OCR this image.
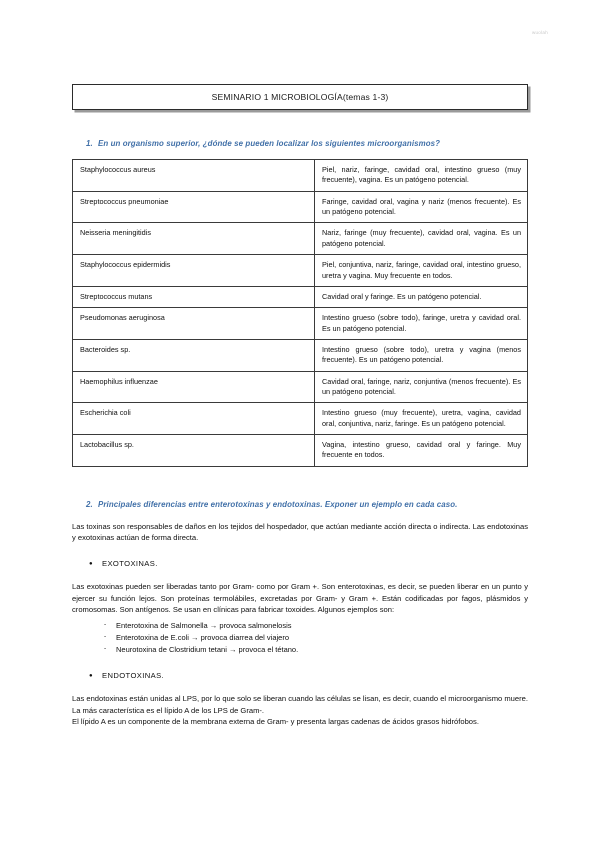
wuolah
SEMINARIO 1 MICROBIOLOGÍA(temas 1-3)
1. En un organismo superior, ¿dónde se pueden localizar los siguientes microorganismos?
Staphylococcus aureus	Piel, nariz, faringe, cavidad oral, intestino grueso (muy frecuente), vagina. Es un patógeno potencial.
Streptococcus pneumoniae	Faringe, cavidad oral, vagina y nariz (menos frecuente). Es un patógeno potencial.
Neisseria meningitidis	Nariz, faringe (muy frecuente), cavidad oral, vagina. Es un patógeno potencial.
Staphylococcus epidermidis	Piel, conjuntiva, nariz, faringe, cavidad oral, intestino grueso, uretra y vagina. Muy frecuente en todos.
Streptococcus mutans	Cavidad oral y faringe. Es un patógeno potencial.
Pseudomonas aeruginosa	Intestino grueso (sobre todo), faringe, uretra y cavidad oral. Es un patógeno potencial.
Bacteroides sp.	Intestino grueso (sobre todo), uretra y vagina (menos frecuente). Es un patógeno potencial.
Haemophilus influenzae	Cavidad oral, faringe, nariz, conjuntiva (menos frecuente). Es un patógeno potencial.
Escherichia coli	Intestino grueso (muy frecuente), uretra, vagina, cavidad oral, conjuntiva, nariz, faringe. Es un patógeno potencial.
Lactobacillus sp.	Vagina, intestino grueso, cavidad oral y faringe. Muy frecuente en todos.
2. Principales diferencias entre enterotoxinas y endotoxinas. Exponer un ejemplo en cada caso.
Las toxinas son responsables de daños en los tejidos del hospedador, que actúan mediante acción directa o indirecta. Las endotoxinas y exotoxinas actúan de forma directa.
●	EXOTOXINAS.
Las exotoxinas pueden ser liberadas tanto por Gram- como por Gram +. Son enterotoxinas, es decir, se pueden liberar en un punto y ejercer su función lejos. Son proteínas termolábiles, excretadas por Gram- y Gram +. Están codificadas por fagos, plásmidos y cromosomas. Son antígenos. Se usan en clínicas para fabricar toxoides. Algunos ejemplos son:
-	Enterotoxina de Salmonella → provoca salmonelosis
-	Enterotoxina de E.coli → provoca diarrea del viajero
-	Neurotoxina de Clostridium tetani → provoca el tétano.
●	ENDOTOXINAS.
Las endotoxinas están unidas al LPS, por lo que solo se liberan cuando las células se lisan, es decir, cuando el microorganismo muere. La más característica es el lípido A de los LPS de Gram-.
El lípido A es un componente de la membrana externa de Gram- y presenta largas cadenas de ácidos grasos hidrófobos.
